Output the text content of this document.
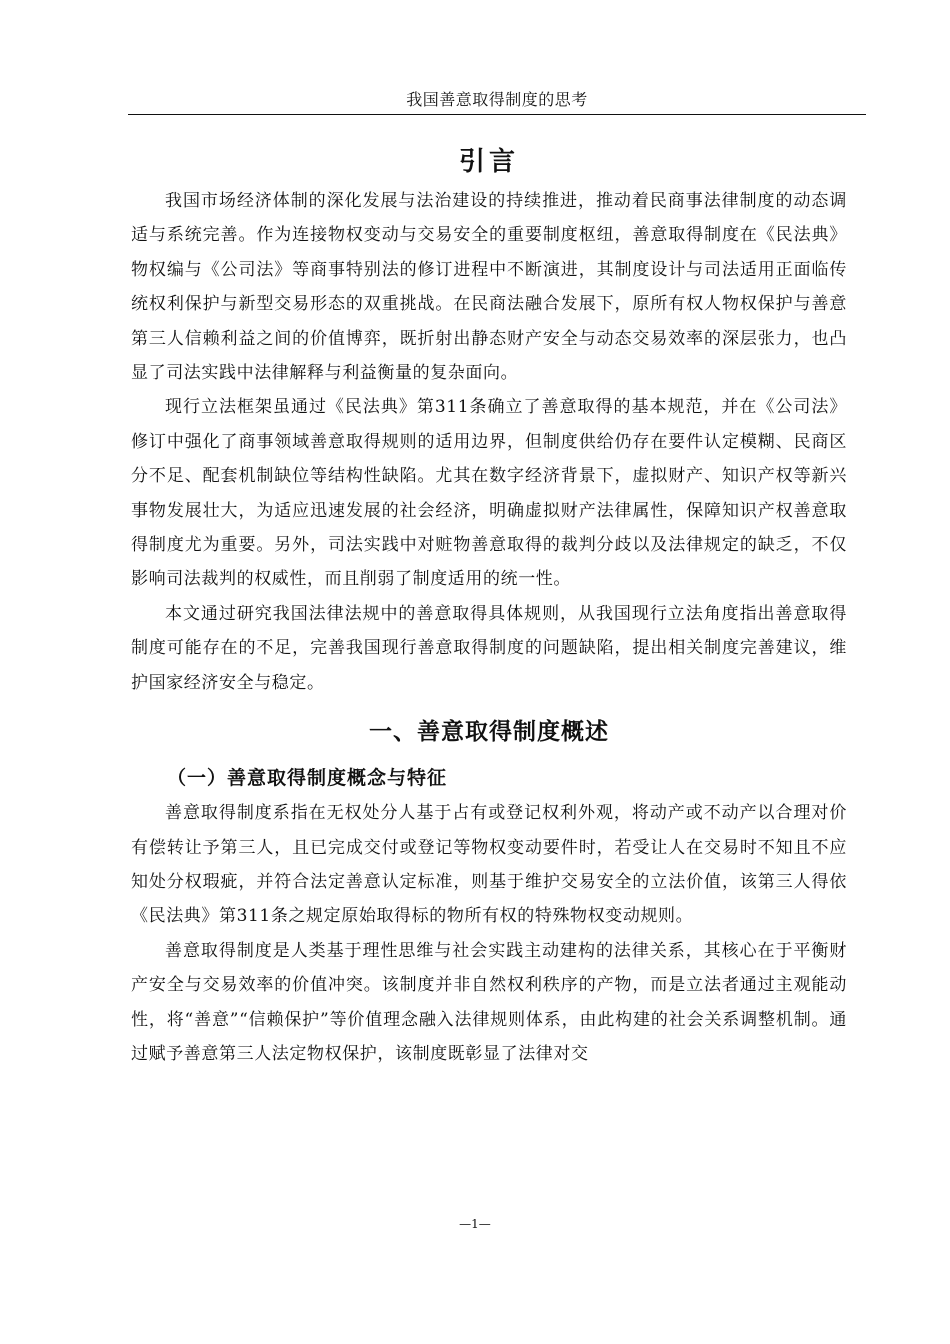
我国善意取得制度的思考
引言

我国市场经济体制的深化发展与法治建设的持续推进，推动着民商事法律制度的动态调适与系统完善。作为连接物权变动与交易安全的重要制度枢纽，善意取得制度在《民法典》物权编与《公司法》等商事特别法的修订进程中不断演进，其制度设计与司法适用正面临传统权利保护与新型交易形态的双重挑战。在民商法融合发展下，原所有权人物权保护与善意第三人信赖利益之间的价值博弈，既折射出静态财产安全与动态交易效率的深层张力，也凸显了司法实践中法律解释与利益衡量的复杂面向。

现行立法框架虽通过《民法典》第311条确立了善意取得的基本规范，并在《公司法》修订中强化了商事领域善意取得规则的适用边界，但制度供给仍存在要件认定模糊、民商区分不足、配套机制缺位等结构性缺陷。尤其在数字经济背景下，虚拟财产、知识产权等新兴事物发展壮大，为适应迅速发展的社会经济，明确虚拟财产法律属性，保障知识产权善意取得制度尤为重要。另外，司法实践中对赃物善意取得的裁判分歧以及法律规定的缺乏，不仅影响司法裁判的权威性，而且削弱了制度适用的统一性。

本文通过研究我国法律法规中的善意取得具体规则，从我国现行立法角度指出善意取得制度可能存在的不足，完善我国现行善意取得制度的问题缺陷，提出相关制度完善建议，维护国家经济安全与稳定。

一、善意取得制度概述
（一）善意取得制度概念与特征

善意取得制度系指在无权处分人基于占有或登记权利外观，将动产或不动产以合理对价有偿转让予第三人，且已完成交付或登记等物权变动要件时，若受让人在交易时不知且不应知处分权瑕疵，并符合法定善意认定标准，则基于维护交易安全的立法价值，该第三人得依《民法典》第311条之规定原始取得标的物所有权的特殊物权变动规则。

善意取得制度是人类基于理性思维与社会实践主动建构的法律关系，其核心在于平衡财产安全与交易效率的价值冲突。该制度并非自然权利秩序的产物，而是立法者通过主观能动性，将“善意”“信赖保护”等价值理念融入法律规则体系，由此构建的社会关系调整机制。通过赋予善意第三人法定物权保护，该制度既彰显了法律对交

—1—
